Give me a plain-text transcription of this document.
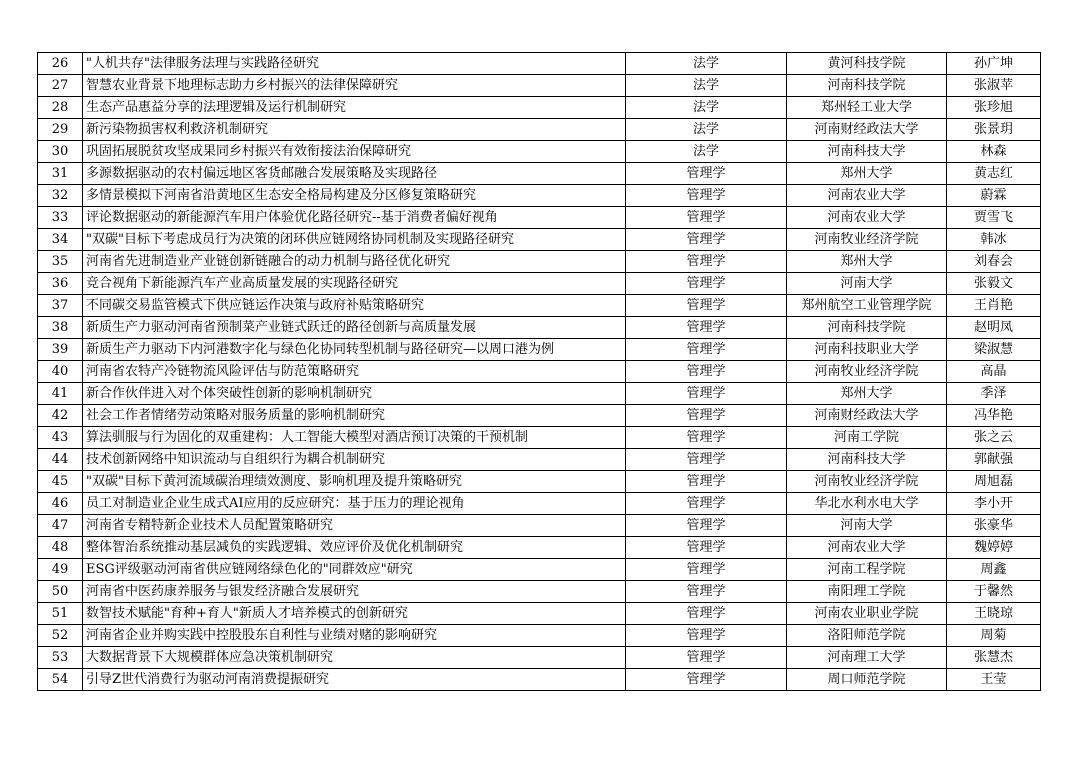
26	"人机共存"法律服务法理与实践路径研究	法学	黄河科技学院	孙广坤
27	智慧农业背景下地理标志助力乡村振兴的法律保障研究	法学	河南科技学院	张淑苹
28	生态产品惠益分享的法理逻辑及运行机制研究	法学	郑州轻工业大学	张珍旭
29	新污染物损害权利救济机制研究	法学	河南财经政法大学	张景玥
30	巩固拓展脱贫攻坚成果同乡村振兴有效衔接法治保障研究	法学	河南科技大学	林森
31	多源数据驱动的农村偏远地区客货邮融合发展策略及实现路径	管理学	郑州大学	黄志红
32	多情景模拟下河南省沿黄地区生态安全格局构建及分区修复策略研究	管理学	河南农业大学	蔚霖
33	评论数据驱动的新能源汽车用户体验优化路径研究--基于消费者偏好视角	管理学	河南农业大学	贾雪飞
34	"双碳"目标下考虑成员行为决策的闭环供应链网络协同机制及实现路径研究	管理学	河南牧业经济学院	韩冰
35	河南省先进制造业产业链创新链融合的动力机制与路径优化研究	管理学	郑州大学	刘春会
36	竞合视角下新能源汽车产业高质量发展的实现路径研究	管理学	河南大学	张毅文
37	不同碳交易监管模式下供应链运作决策与政府补贴策略研究	管理学	郑州航空工业管理学院	王肖艳
38	新质生产力驱动河南省预制菜产业链式跃迁的路径创新与高质量发展	管理学	河南科技学院	赵明凤
39	新质生产力驱动下内河港数字化与绿色化协同转型机制与路径研究—以周口港为例	管理学	河南科技职业大学	梁淑慧
40	河南省农特产冷链物流风险评估与防范策略研究	管理学	河南牧业经济学院	高晶
41	新合作伙伴进入对个体突破性创新的影响机制研究	管理学	郑州大学	季泽
42	社会工作者情绪劳动策略对服务质量的影响机制研究	管理学	河南财经政法大学	冯华艳
43	算法驯服与行为固化的双重建构：人工智能大模型对酒店预订决策的干预机制	管理学	河南工学院	张之云
44	技术创新网络中知识流动与自组织行为耦合机制研究	管理学	河南科技大学	郭献强
45	"双碳"目标下黄河流域碳治理绩效测度、影响机理及提升策略研究	管理学	河南牧业经济学院	周旭磊
46	员工对制造业企业生成式AI应用的反应研究：基于压力的理论视角	管理学	华北水利水电大学	李小开
47	河南省专精特新企业技术人员配置策略研究	管理学	河南大学	张豪华
48	整体智治系统推动基层减负的实践逻辑、效应评价及优化机制研究	管理学	河南农业大学	魏婷婷
49	ESG评级驱动河南省供应链网络绿色化的"同群效应"研究	管理学	河南工程学院	周鑫
50	河南省中医药康养服务与银发经济融合发展研究	管理学	南阳理工学院	于馨然
51	数智技术赋能"育种+育人"新质人才培养模式的创新研究	管理学	河南农业职业学院	王晓琼
52	河南省企业并购实践中控股股东自利性与业绩对赌的影响研究	管理学	洛阳师范学院	周菊
53	大数据背景下大规模群体应急决策机制研究	管理学	河南理工大学	张慧杰
54	引导Z世代消费行为驱动河南消费提振研究	管理学	周口师范学院	王莹
